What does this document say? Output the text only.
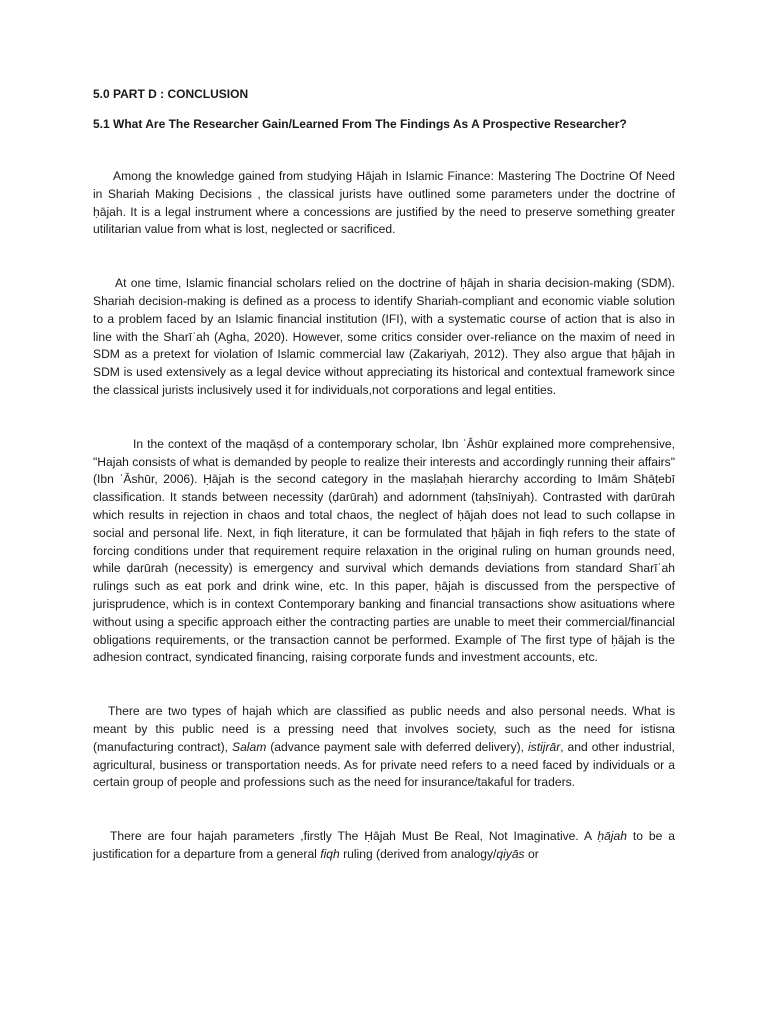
5.0 PART D : CONCLUSION

5.1 What Are The Researcher Gain/Learned From The Findings As A Prospective Researcher?

Among the knowledge gained from studying Hājah in Islamic Finance: Mastering The Doctrine Of Need in Shariah Making Decisions , the classical jurists have outlined some parameters under the doctrine of ḥājah. It is a legal instrument where a concessions are justified by the need to preserve something greater utilitarian value from what is lost, neglected or sacrificed.

At one time, Islamic financial scholars relied on the doctrine of ḥājah in sharia decision-making (SDM). Shariah decision-making is defined as a process to identify Shariah-compliant and economic viable solution to a problem faced by an Islamic financial institution (IFI), with a systematic course of action that is also in line with the Sharīʿah (Agha, 2020). However, some critics consider over-reliance on the maxim of need in SDM as a pretext for violation of Islamic commercial law (Zakariyah, 2012). They also argue that ḥājah in SDM is used extensively as a legal device without appreciating its historical and contextual framework since the classical jurists inclusively used it for individuals,not corporations and legal entities.

In the context of the maqāṣd of a contemporary scholar, Ibn ʿĀshūr explained more comprehensive, "Hajah consists of what is demanded by people to realize their interests and accordingly running their affairs" (Ibn ʿĀshūr, 2006). Ḥājah is the second category in the maṣlaḥah hierarchy according to Imām Shāṭebī classification. It stands between necessity (ḍarūrah) and adornment (taḥsīniyah). Contrasted with ḍarūrah which results in rejection in chaos and total chaos, the neglect of ḥājah does not lead to such collapse in social and personal life. Next, in fiqh literature, it can be formulated that ḥājah in fiqh refers to the state of forcing conditions under that requirement require relaxation in the original ruling on human grounds need, while ḍarūrah (necessity) is emergency and survival which demands deviations from standard Sharīʿah rulings such as eat pork and drink wine, etc. In this paper, ḥājah is discussed from the perspective of jurisprudence, which is in context Contemporary banking and financial transactions show asituations where without using a specific approach either the contracting parties are unable to meet their commercial/financial obligations requirements, or the transaction cannot be performed. Example of The first type of ḥājah is the adhesion contract, syndicated financing, raising corporate funds and investment accounts, etc.

There are two types of hajah which are classified as public needs and also personal needs. What is meant by this public need is a pressing need that involves society, such as the need for istisna (manufacturing contract), Salam (advance payment sale with deferred delivery), istijrār, and other industrial, agricultural, business or transportation needs. As for private need refers to a need faced by individuals or a certain group of people and professions such as the need for insurance/takaful for traders.

There are four hajah parameters ,firstly The Ḥājah Must Be Real, Not Imaginative. A ḥājah to be a justification for a departure from a general fiqh ruling (derived from analogy/qiyās or
